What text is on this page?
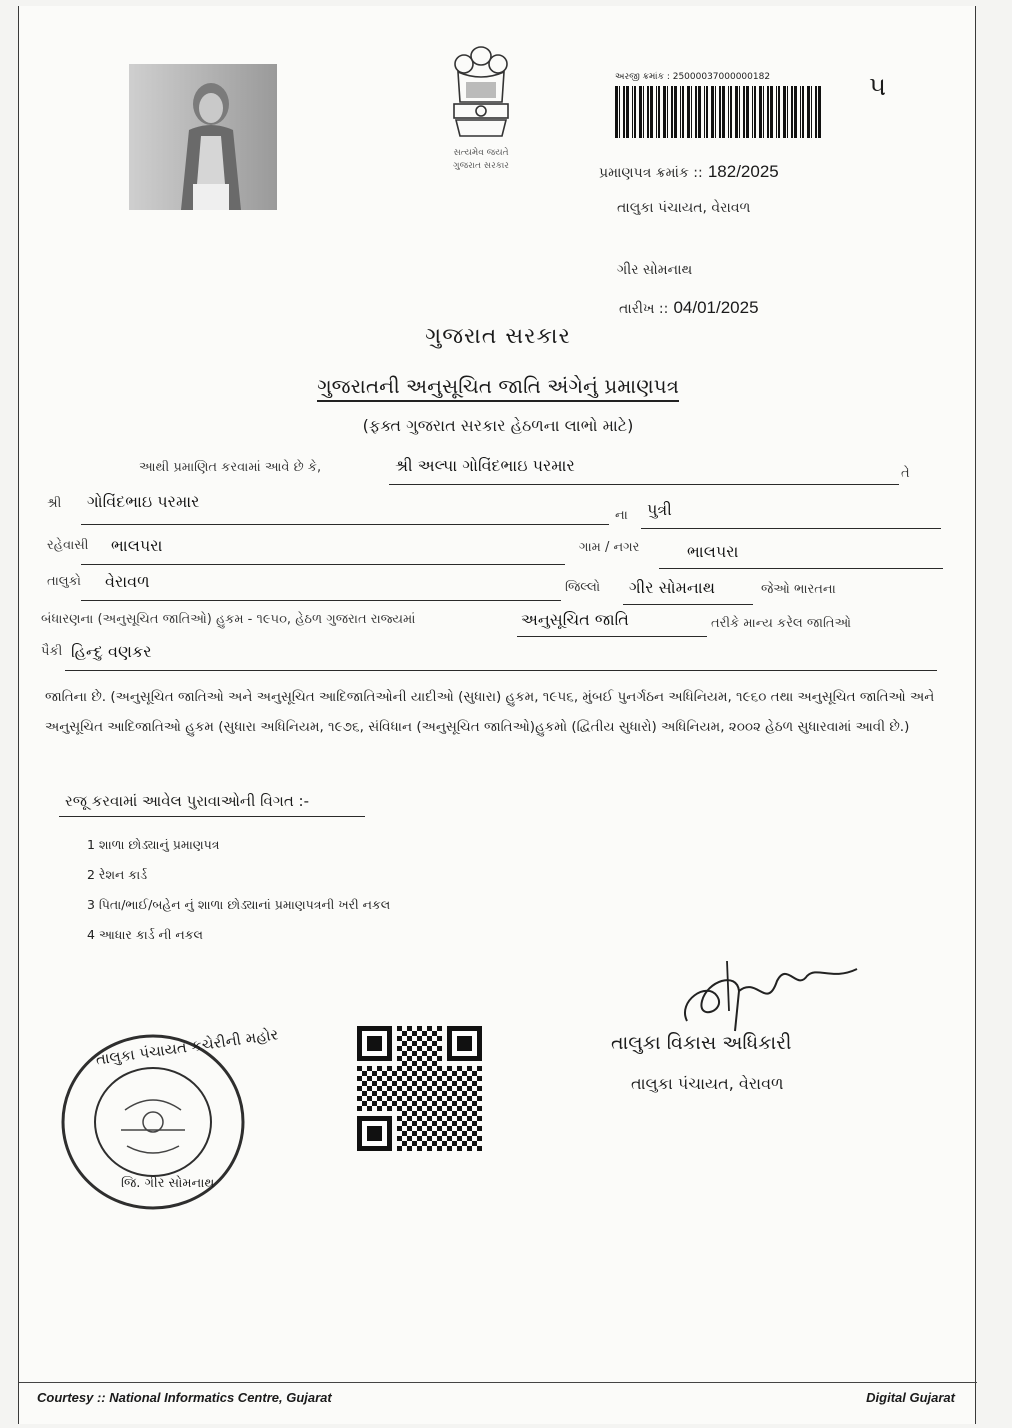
સત્યમેવ જયતે
ગુજરાત સરકાર
અરજી ક્રમાંક : 25000037000000182	૫
પ્રમાણપત્ર ક્રમાંક :: 182/2025
તાલુકા પંચાયત, વેરાવળ
ગીર સોમનાથ
તારીખ :: 04/01/2025
ગુજરાત સરકાર
ગુજરાતની અનુસૂચિત જાતિ અંગેનું પ્રમાણપત્ર
(ફક્ત ગુજરાત સરકાર હેઠળના લાભો માટે)
આથી પ્રમાણિત કરવામાં આવે છે કે,	શ્રી અલ્પા ગોવિંદભાઇ પરમાર	તે
શ્રી ગોવિંદભાઇ પરમાર
ના પુત્રી
રહેવાસી ભાલપરા	ગામ / નગર	ભાલપરા
તાલુકો વેરાવળ	જિલ્લો ગીર સોમનાથ	જેઓ ભારતના
બંધારણના (અનુસૂચિત જાતિઓ) હુકમ - ૧૯૫૦, હેઠળ ગુજરાત રાજ્યમાં	અનુસૂચિત જાતિ	તરીકે માન્ય કરેલ જાતિઓ
પૈકી હિન્દુ વણકર
જાતિના છે. (અનુસૂચિત જાતિઓ અને અનુસૂચિત આદિજાતિઓની યાદીઓ (સુધારા) હુકમ, ૧૯૫૬, મુંબઈ પુનર્ગઠન અધિનિયમ, ૧૯૬૦ તથા અનુસૂચિત જાતિઓ અને અનુસૂચિત આદિજાતિઓ હુકમ (સુધારા અધિનિયમ, ૧૯૭૬, સંવિધાન (અનુસૂચિત જાતિઓ)હુકમો (દ્વિતીય સુધારો) અધિનિયમ, ૨૦૦૨ હેઠળ સુધારવામાં આવી છે.)
રજૂ કરવામાં આવેલ પુરાવાઓની વિગત :-
1 શાળા છોડ્યાનું પ્રમાણપત્ર
2 રેશન કાર્ડ
3 પિતા/ભાઈ/બહેન નું શાળા છોડ્યાનાં પ્રમાણપત્રની ખરી નકલ
4 આધાર કાર્ડ ની નકલ
તાલુકા પંચાયત કચેરીની મહોર
જિ. ગીર સોમનાથ
તાલુકા વિકાસ અધિકારી
તાલુકા પંચાયત, વેરાવળ
Courtesy :: National Informatics Centre, Gujarat	Digital Gujarat
